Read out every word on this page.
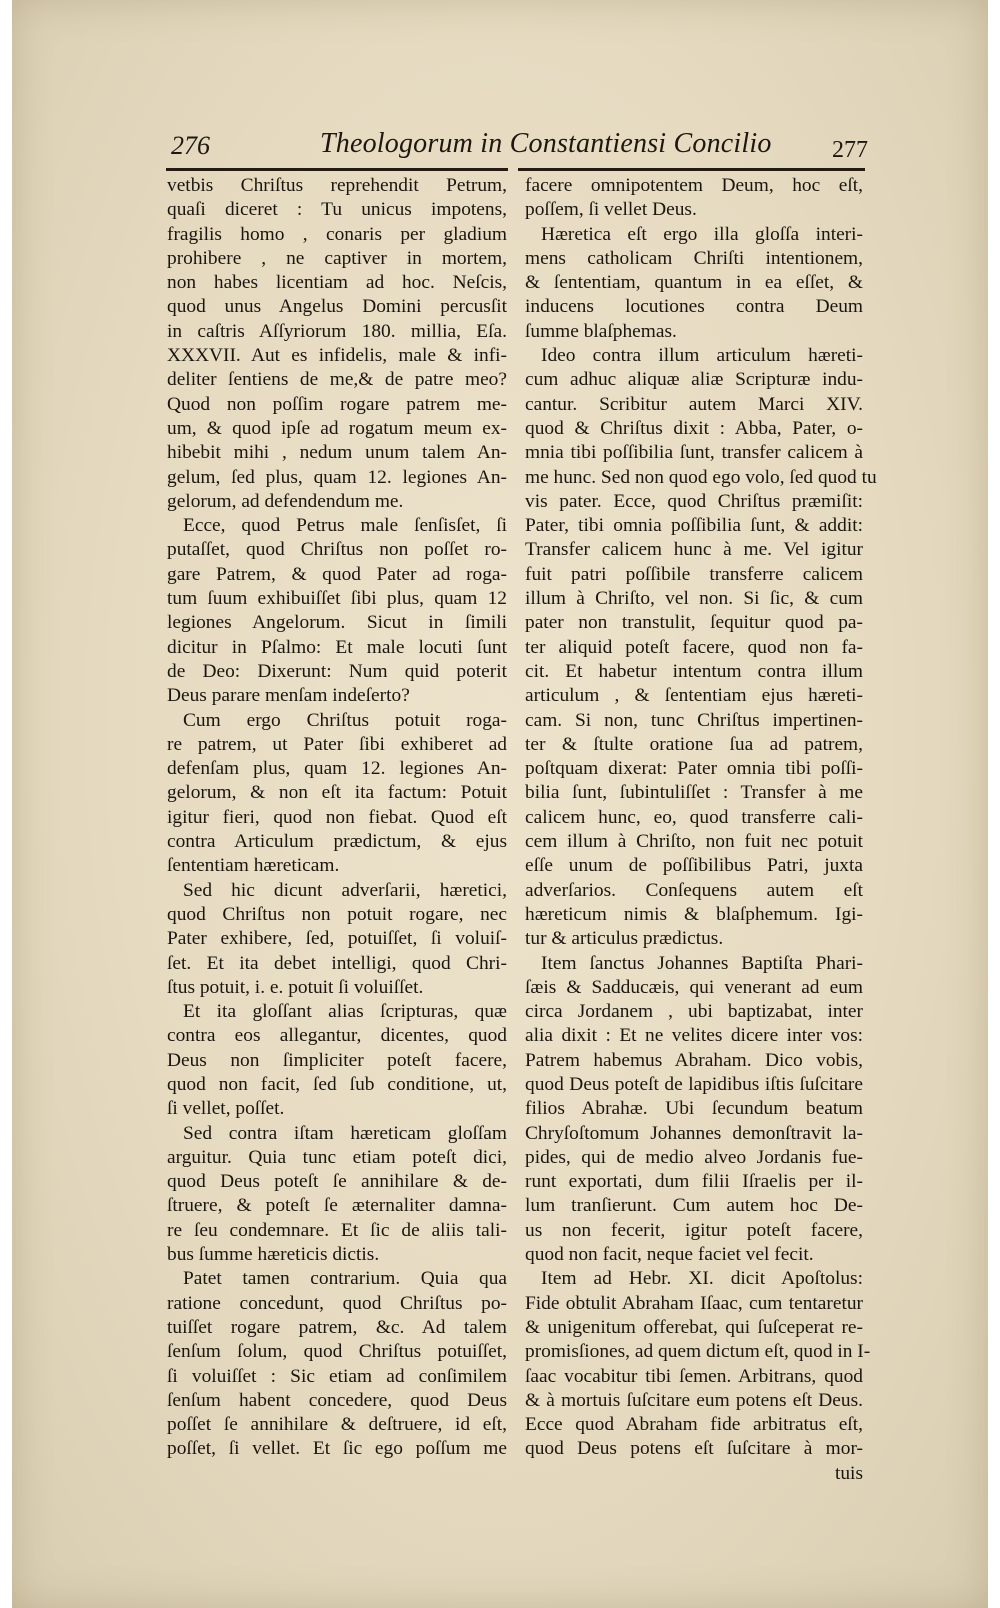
276	Theologorum in Constantiensi Concilio	277

vetbis Chriſtus reprehendit Petrum,

quaſi diceret : Tu unicus impotens,

fragilis homo , conaris per gladium

prohibere , ne captiver in mortem,

non habes licentiam ad hoc. Neſcis,

quod unus Angelus Domini percusſit

in caſtris Aſſyriorum 180. millia, Eſa.

XXXVII. Aut es infidelis, male & infi-

deliter ſentiens de me,& de patre meo?

Quod non poſſim rogare patrem me-

um, & quod ipſe ad rogatum meum ex-

hibebit mihi , nedum unum talem An-

gelum, ſed plus, quam 12. legiones An-

gelorum, ad defendendum me.

Ecce, quod Petrus male ſenſisſet, ſi

putaſſet, quod Chriſtus non poſſet ro-

gare Patrem, & quod Pater ad roga-

tum ſuum exhibuiſſet ſibi plus, quam 12

legiones Angelorum. Sicut in ſimili

dicitur in Pſalmo: Et male locuti ſunt

de Deo: Dixerunt: Num quid poterit

Deus parare menſam indeſerto?

Cum ergo Chriſtus potuit roga-

re patrem, ut Pater ſibi exhiberet ad

defenſam plus, quam 12. legiones An-

gelorum, & non eſt ita factum: Potuit

igitur fieri, quod non fiebat. Quod eſt

contra Articulum prædictum, & ejus

ſententiam hæreticam.

Sed hic dicunt adverſarii, hæretici,

quod Chriſtus non potuit rogare, nec

Pater exhibere, ſed, potuiſſet, ſi voluiſ-

ſet. Et ita debet intelligi, quod Chri-

ſtus potuit, i. e. potuit ſi voluiſſet.

Et ita gloſſant alias ſcripturas, quæ

contra eos allegantur, dicentes, quod

Deus non ſimpliciter poteſt facere,

quod non facit, ſed ſub conditione, ut,

ſi vellet, poſſet.

Sed contra iſtam hæreticam gloſſam

arguitur. Quia tunc etiam poteſt dici,

quod Deus poteſt ſe annihilare & de-

ſtruere, & poteſt ſe æternaliter damna-

re ſeu condemnare. Et ſic de aliis tali-

bus ſumme hæreticis dictis.

Patet tamen contrarium. Quia qua

ratione concedunt, quod Chriſtus po-

tuiſſet rogare patrem, &c. Ad talem

ſenſum ſolum, quod Chriſtus potuiſſet,

ſi voluiſſet : Sic etiam ad conſimilem

ſenſum habent concedere, quod Deus

poſſet ſe annihilare & deſtruere, id eſt,

poſſet, ſi vellet. Et ſic ego poſſum me

facere omnipotentem Deum, hoc eſt,

poſſem, ſi vellet Deus.

Hæretica eſt ergo illa gloſſa interi-

mens catholicam Chriſti intentionem,

& ſententiam, quantum in ea eſſet, &

inducens locutiones contra Deum

ſumme blaſphemas.

Ideo contra illum articulum hæreti-

cum adhuc aliquæ aliæ Scripturæ indu-

cantur. Scribitur autem Marci XIV.

quod & Chriſtus dixit : Abba, Pater, o-

mnia tibi poſſibilia ſunt, transfer calicem à

me hunc. Sed non quod ego volo, ſed quod tu

vis pater. Ecce, quod Chriſtus præmiſit:

Pater, tibi omnia poſſibilia ſunt, & addit:

Transfer calicem hunc à me. Vel igitur

fuit patri poſſibile transferre calicem

illum à Chriſto, vel non. Si ſic, & cum

pater non transtulit, ſequitur quod pa-

ter aliquid poteſt facere, quod non fa-

cit. Et habetur intentum contra illum

articulum , & ſententiam ejus hæreti-

cam. Si non, tunc Chriſtus impertinen-

ter & ſtulte oratione ſua ad patrem,

poſtquam dixerat: Pater omnia tibi poſſi-

bilia ſunt, ſubintuliſſet : Transfer à me

calicem hunc, eo, quod transferre cali-

cem illum à Chriſto, non fuit nec potuit

eſſe unum de poſſibilibus Patri, juxta

adverſarios. Conſequens autem eſt

hæreticum nimis & blaſphemum. Igi-

tur & articulus prædictus.

Item ſanctus Johannes Baptiſta Phari-

ſæis & Sadducæis, qui venerant ad eum

circa Jordanem , ubi baptizabat, inter

alia dixit : Et ne velites dicere inter vos:

Patrem habemus Abraham. Dico vobis,

quod Deus poteſt de lapidibus iſtis ſuſcitare

filios Abrahæ. Ubi ſecundum beatum

Chryſoſtomum Johannes demonſtravit la-

pides, qui de medio alveo Jordanis fue-

runt exportati, dum filii Iſraelis per il-

lum tranſierunt. Cum autem hoc De-

us non fecerit, igitur poteſt facere,

quod non facit, neque faciet vel fecit.

Item ad Hebr. XI. dicit Apoſtolus:

Fide obtulit Abraham Iſaac, cum tentaretur

& unigenitum offerebat, qui ſuſceperat re-

promisſiones, ad quem dictum eſt, quod in I-

ſaac vocabitur tibi ſemen. Arbitrans, quod

& à mortuis ſuſcitare eum potens eſt Deus.

Ecce quod Abraham fide arbitratus eſt,

quod Deus potens eſt ſuſcitare à mor-

tuis
